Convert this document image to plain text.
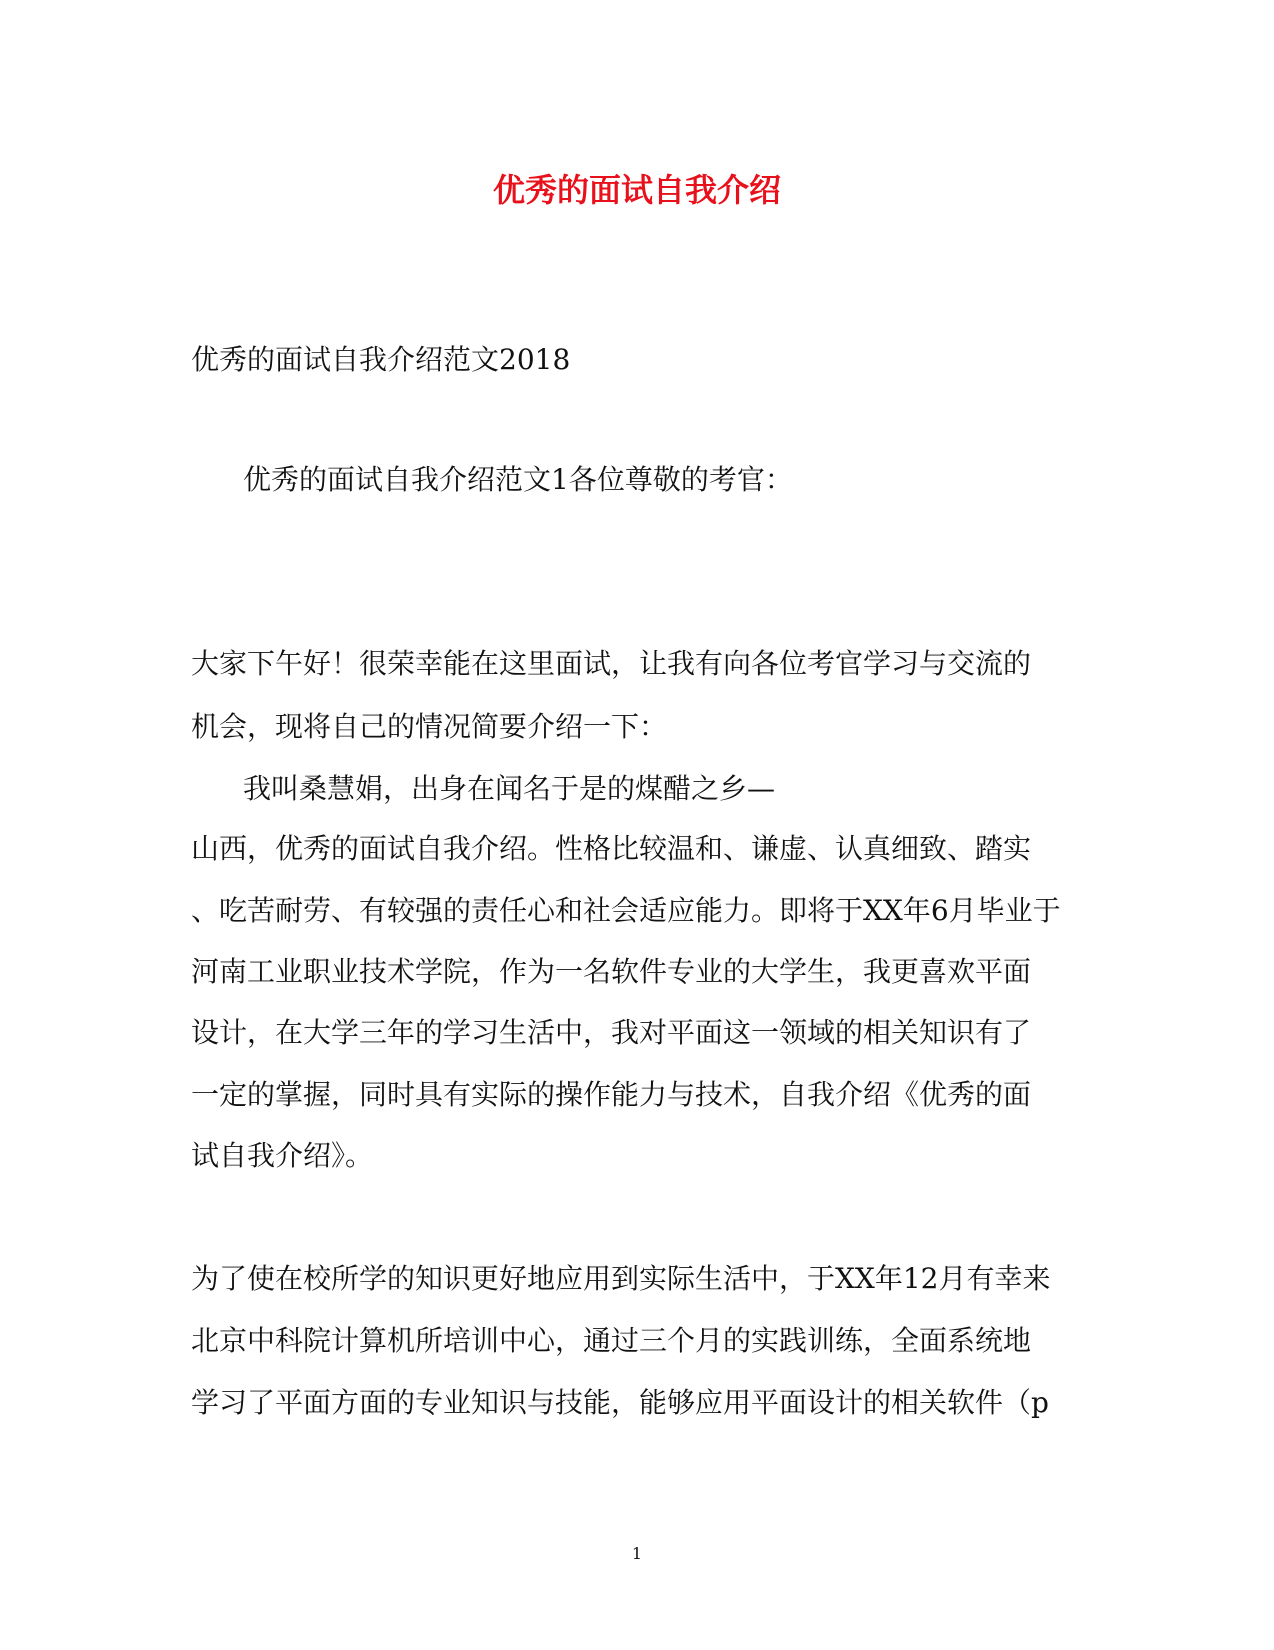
优秀的面试自我介绍
优秀的面试自我介绍范文2018
优秀的面试自我介绍范文1各位尊敬的考官：
大家下午好！很荣幸能在这里面试，让我有向各位考官学习与交流的
机会，现将自己的情况简要介绍一下：
我叫桑慧娟，出身在闻名于是的煤醋之乡—
山西，优秀的面试自我介绍。性格比较温和、谦虚、认真细致、踏实
、吃苦耐劳、有较强的责任心和社会适应能力。即将于XX年6月毕业于
河南工业职业技术学院，作为一名软件专业的大学生，我更喜欢平面
设计，在大学三年的学习生活中，我对平面这一领域的相关知识有了
一定的掌握，同时具有实际的操作能力与技术，自我介绍《优秀的面
试自我介绍》。
为了使在校所学的知识更好地应用到实际生活中，于XX年12月有幸来
北京中科院计算机所培训中心，通过三个月的实践训练，全面系统地
学习了平面方面的专业知识与技能，能够应用平面设计的相关软件（p
1
